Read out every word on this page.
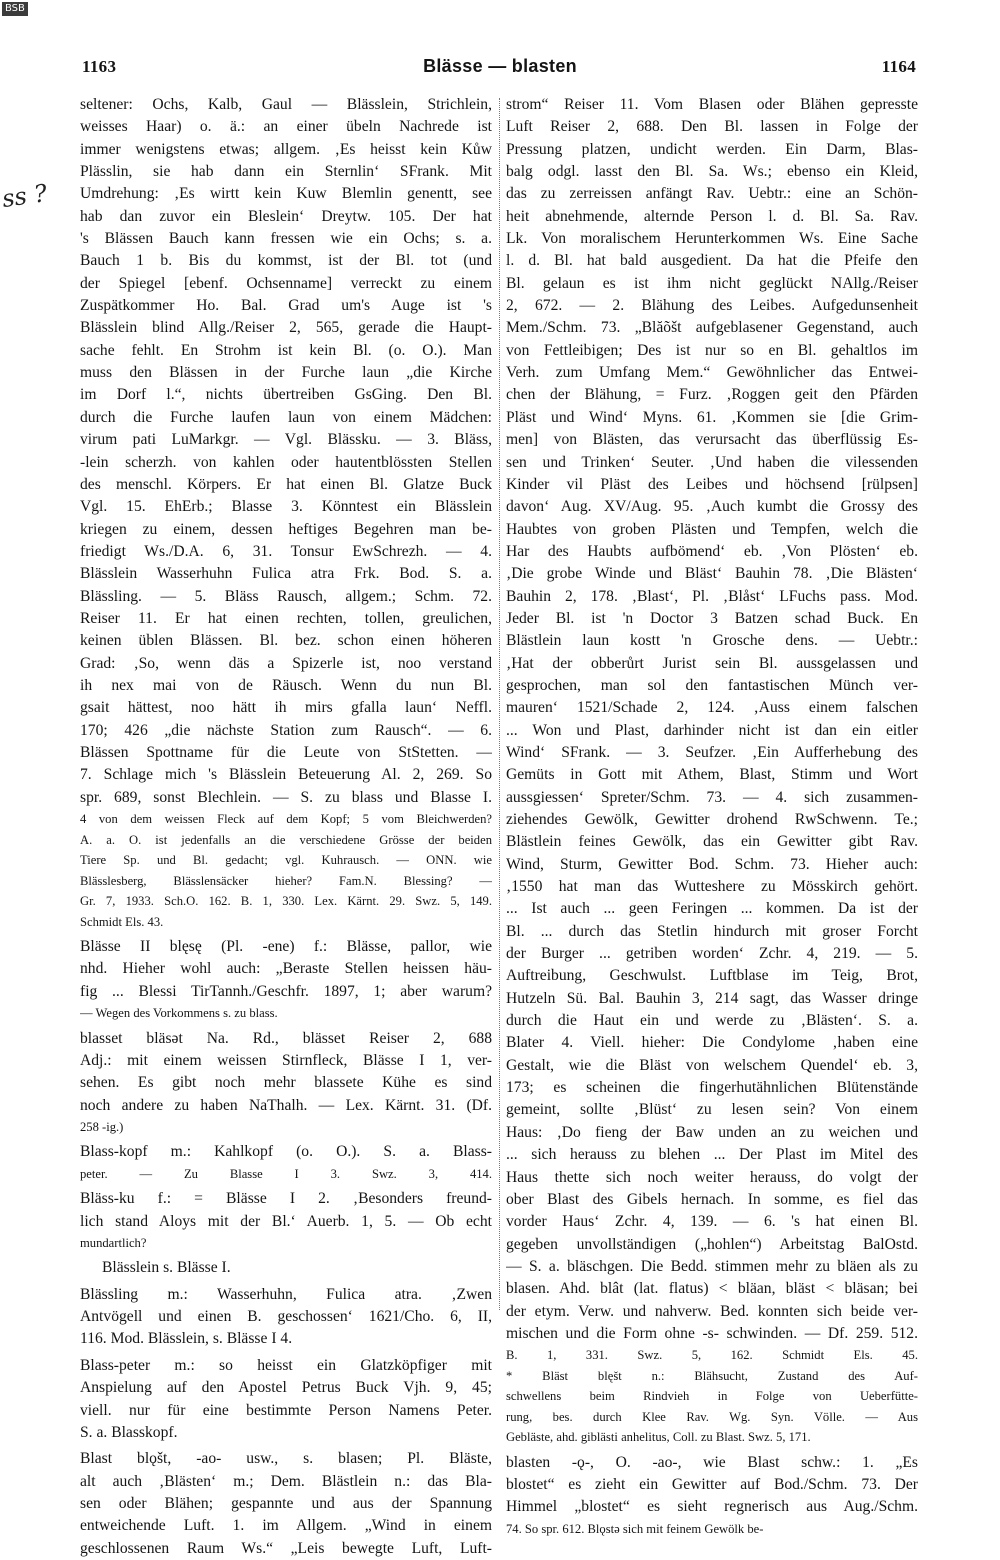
BSB
1163	Blässe — blasten	1164
ss ?
seltener: Ochs, Kalb, Gaul — Blässlein, Strichlein,
weisses Haar) o. ä.: an einer übeln Nachrede ist
immer wenigstens etwas; allgem. ‚Es heisst kein Kůw
Plässlin, sie hab dann ein Sternlin‘ SFrank. Mit
Umdrehung: ‚Es wirtt kein Kuw Blemlin genentt, see
hab dan zuvor ein Bleslein‘ Dreytw. 105. Der hat
's Blässen Bauch kann fressen wie ein Ochs; s. a.
Bauch 1 b. Bis du kommst, ist der Bl. tot (und
der Spiegel [ebenf. Ochsenname] verreckt zu einem
Zuspätkommer Ho. Bal. Grad um's Auge ist 's
Blässlein blind Allg./Reiser 2, 565, gerade die Haupt-
sache fehlt. En Strohm ist kein Bl. (o. O.). Man
muss den Blässen in der Furche laun „die Kirche
im Dorf l.“, nichts übertreiben GsGing. Den Bl.
durch die Furche laufen laun von einem Mädchen:
virum pati LuMarkgr. — Vgl. Blässku. — 3. Bläss,
-lein scherzh. von kahlen oder hautentblössten Stellen
des menschl. Körpers. Er hat einen Bl. Glatze Buck
Vgl. 15. EhErb.; Blasse 3. Könntest ein Blässlein
kriegen zu einem, dessen heftiges Begehren man be-
friedigt Ws./D.A. 6, 31. Tonsur EwSchrezh. — 4.
Blässlein Wasserhuhn Fulica atra Frk. Bod. S. a.
Blässling. — 5. Bläss Rausch, allgem.; Schm. 72.
Reiser 11. Er hat einen rechten, tollen, greulichen,
keinen üblen Blässen. Bl. bez. schon einen höheren
Grad: ‚So, wenn däs a Spizerle ist, noo verstand
ih nex mai von de Räusch. Wenn du nun Bl.
gsait hättest, noo hätt ih mirs gfalla laun‘ Neffl.
170; 426 „die nächste Station zum Rausch“. — 6.
Blässen Spottname für die Leute von StStetten. —
7. Schlage mich 's Blässlein Beteuerung Al. 2, 269. So
spr. 689, sonst Blechlein. — S. zu blass und Blasse I.
4 von dem weissen Fleck auf dem Kopf; 5 vom Bleichwerden?
A. a. O. ist jedenfalls an die verschiedene Grösse der beiden
Tiere Sp. und Bl. gedacht; vgl. Kuhrausch. — ONN. wie
Blässlesberg, Blässlensäcker hieher? Fam.N. Blessing? —
Gr. 7, 1933. Sch.O. 162. B. 1, 330. Lex. Kärnt. 29. Swz. 5, 149.
Schmidt Els. 43.
Blässe II blęsę (Pl. -ene) f.: Blässe, pallor, wie
nhd. Hieher wohl auch: „Beraste Stellen heissen häu-
fig ... Blessi TirTannh./Geschfr. 1897, 1; aber warum?
— Wegen des Vorkommens s. zu blass.
blasset bläsət Na. Rd., blässet Reiser 2, 688
Adj.: mit einem weissen Stirnfleck, Blässe I 1, ver-
sehen. Es gibt noch mehr blassete Kühe es sind
noch andere zu haben NaThalh. — Lex. Kärnt. 31. (Df.
258 -ig.)
Blass-kopf m.: Kahlkopf (o. O.). S. a. Blass-
peter. — Zu Blasse I 3. Swz. 3, 414.
Bläss-ku f.: = Blässe I 2. ‚Besonders freund-
lich stand Aloys mit der Bl.‘ Auerb. 1, 5. — Ob echt
mundartlich?
Blässlein s. Blässe I.
Blässling m.: Wasserhuhn, Fulica atra. ‚Zwen
Antvögell und einen B. geschossen‘ 1621/Cho. 6, II,
116. Mod. Blässlein, s. Blässe I 4.
Blass-peter m.: so heisst ein Glatzköpfiger mit
Anspielung auf den Apostel Petrus Buck Vjh. 9, 45;
viell. nur für eine bestimmte Person Namens Peter.
S. a. Blasskopf.
Blast blǫšt, -ao- usw., s. blasen; Pl. Bläste,
alt auch ‚Blästen‘ m.; Dem. Blästlein n.: das Bla-
sen oder Blähen; gespannte und aus der Spannung
entweichende Luft. 1. im Allgem. „Wind in einem
geschlossenen Raum Ws.“ „Leis bewegte Luft, Luft-
strom“ Reiser 11. Vom Blasen oder Blähen gepresste
Luft Reiser 2, 688. Den Bl. lassen in Folge der
Pressung platzen, undicht werden. Ein Darm, Blas-
balg odgl. lasst den Bl. Sa. Ws.; ebenso ein Kleid,
das zu zerreissen anfängt Rav. Uebtr.: eine an Schön-
heit abnehmende, alternde Person l. d. Bl. Sa. Rav.
Lk. Von moralischem Herunterkommen Ws. Eine Sache
l. d. Bl. hat bald ausgedient. Da hat die Pfeife den
Bl. gelaun es ist ihm nicht geglückt NAllg./Reiser
2, 672. — 2. Blähung des Leibes. Aufgedunsenheit
Mem./Schm. 73. „Blăõšt aufgeblasener Gegenstand, auch
von Fettleibigen; Des ist nur so en Bl. gehaltlos im
Verh. zum Umfang Mem.“ Gewöhnlicher das Entwei-
chen der Blähung, = Furz. ‚Roggen geit den Pfärden
Pläst und Wind‘ Myns. 61. ‚Kommen sie [die Grim-
men] von Blästen, das verursacht das überflüssig Es-
sen und Trinken‘ Seuter. ‚Und haben die vilessenden
Kinder vil Pläst des Leibes und höchsend [rülpsen]
davon‘ Aug. XV/Aug. 95. ‚Auch kumbt die Grossy des
Haubtes von groben Plästen und Tempfen, welch die
Har des Haubts aufbömend‘ eb. ‚Von Plösten‘ eb.
‚Die grobe Winde und Bläst‘ Bauhin 78. ‚Die Blästen‘
Bauhin 2, 178. ‚Blast‘, Pl. ‚Blåst‘ LFuchs pass. Mod.
Jeder Bl. ist 'n Doctor 3 Batzen schad Buck. En
Blästlein laun kostt 'n Grosche dens. — Uebtr.:
‚Hat der obberůrt Jurist sein Bl. aussgelassen und
gesprochen, man sol den fantastischen Münch ver-
mauren‘ 1521/Schade 2, 124. ‚Auss einem falschen
... Won und Plast, darhinder nicht ist dan ein eitler
Wind‘ SFrank. — 3. Seufzer. ‚Ein Aufferhebung des
Gemüts in Gott mit Athem, Blast, Stimm und Wort
aussgiessen‘ Spreter/Schm. 73. — 4. sich zusammen-
ziehendes Gewölk, Gewitter drohend RwSchwenn. Te.;
Blästlein feines Gewölk, das ein Gewitter gibt Rav.
Wind, Sturm, Gewitter Bod. Schm. 73. Hieher auch:
‚1550 hat man das Wutteshere zu Mösskirch gehört.
... Ist auch ... geen Feringen ... kommen. Da ist der
Bl. ... durch das Stetlin hindurch mit groser Forcht
der Burger ... getriben worden‘ Zchr. 4, 219. — 5.
Auftreibung, Geschwulst. Luftblase im Teig, Brot,
Hutzeln Sü. Bal. Bauhin 3, 214 sagt, das Wasser dringe
durch die Haut ein und werde zu ‚Blästen‘. S. a.
Blater 4. Viell. hieher: Die Condylome ‚haben eine
Gestalt, wie die Bläst von welschem Quendel‘ eb. 3,
173; es scheinen die fingerhutähnlichen Blütenstände
gemeint, sollte ‚Blüst‘ zu lesen sein? Von einem
Haus: ‚Do fieng der Baw unden an zu weichen und
... sich herauss zu blehen ... Der Plast im Mitel des
Haus thette sich noch weiter herauss, do volgt der
ober Blast des Gibels hernach. In somme, es fiel das
vorder Haus‘ Zchr. 4, 139. — 6. 's hat einen Bl.
gegeben unvollständigen („hohlen“) Arbeitstag BalOstd.
— S. a. bläschgen. Die Bedd. stimmen mehr zu bläen als zu
blasen. Ahd. blât (lat. flatus) < bläan, bläst < bläsan; bei
der etym. Verw. und nahverw. Bed. konnten sich beide ver-
mischen und die Form ohne -s- schwinden. — Df. 259. 512.
B. 1, 331. Swz. 5, 162. Schmidt Els. 45.
* Bläst blęšt n.: Blähsucht, Zustand des Auf-
schwellens beim Rindvieh in Folge von Ueberfütte-
rung, bes. durch Klee Rav. Wg. Syn. Völle. — Aus
Gebläste, ahd. giblästi anhelitus, Coll. zu Blast. Swz. 5, 171.
blasten -ǫ-, O. -ao-, wie Blast schw.: 1. „Es
blostet“ es zieht ein Gewitter auf Bod./Schm. 73. Der
Himmel „blostet“ es sieht regnerisch aus Aug./Schm.
74. So spr. 612. Blǫstə sich mit feinem Gewölk be-
